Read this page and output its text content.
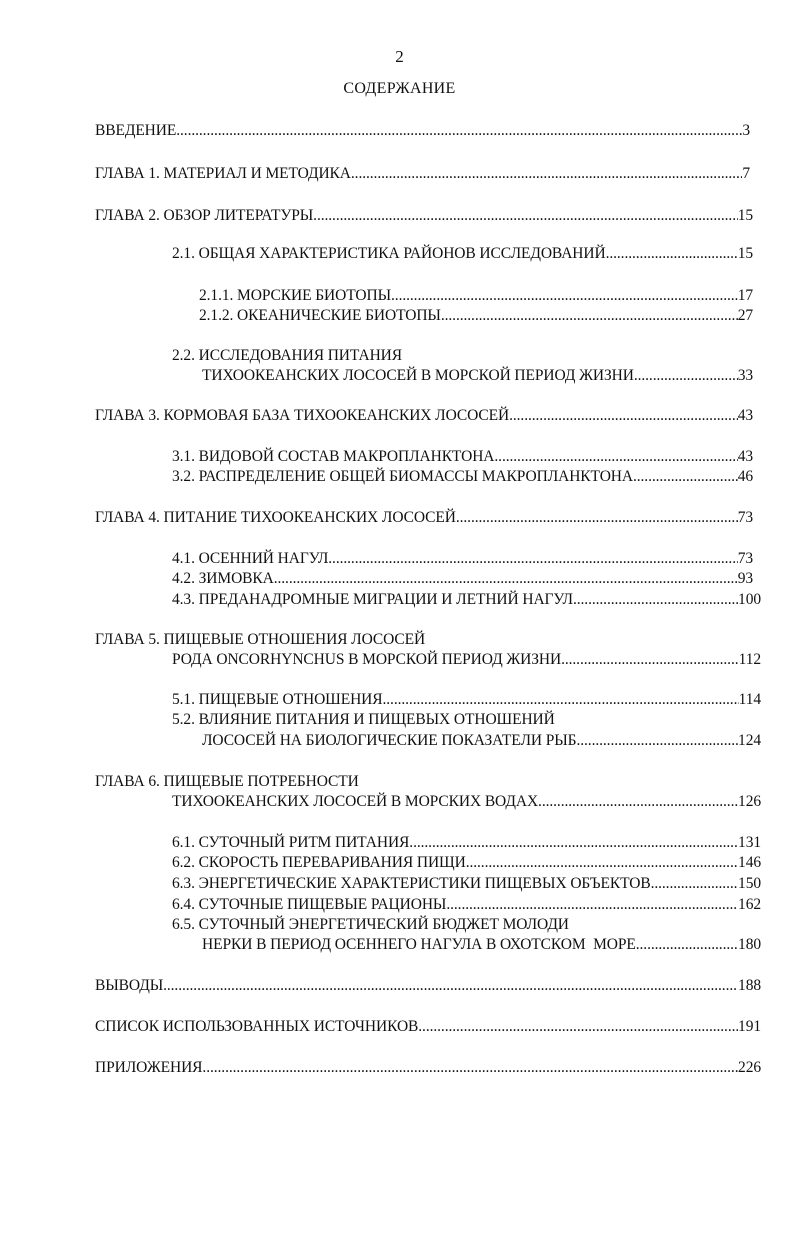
2
СОДЕРЖАНИЕ
ВВЕДЕНИЕ .....	3
ГЛАВА 1. МАТЕРИАЛ И МЕТОДИКА .....	7
ГЛАВА 2. ОБЗОР ЛИТЕРАТУРЫ .....	15
2.1. ОБЩАЯ ХАРАКТЕРИСТИКА РАЙОНОВ ИССЛЕДОВАНИЙ .....	15
2.1.1. МОРСКИЕ БИОТОПЫ .....	17
2.1.2. ОКЕАНИЧЕСКИЕ БИОТОПЫ .....	27
2.2. ИССЛЕДОВАНИЯ ПИТАНИЯ
ТИХООКЕАНСКИХ ЛОСОСЕЙ В МОРСКОЙ ПЕРИОД ЖИЗНИ .....	33
ГЛАВА 3. КОРМОВАЯ БАЗА ТИХООКЕАНСКИХ ЛОСОСЕЙ .....	43
3.1. ВИДОВОЙ СОСТАВ МАКРОПЛАНКТОНА .....	43
3.2. РАСПРЕДЕЛЕНИЕ ОБЩЕЙ БИОМАССЫ МАКРОПЛАНКТОНА .....	46
ГЛАВА 4. ПИТАНИЕ ТИХООКЕАНСКИХ ЛОСОСЕЙ .....	73
4.1. ОСЕННИЙ НАГУЛ .....	73
4.2. ЗИМОВКА .....	93
4.3. ПРЕДАНАДРОМНЫЕ МИГРАЦИИ И ЛЕТНИЙ НАГУЛ .....	100
ГЛАВА 5. ПИЩЕВЫЕ ОТНОШЕНИЯ ЛОСОСЕЙ
РОДА ONCORHYNCHUS В МОРСКОЙ ПЕРИОД ЖИЗНИ .....	112
5.1. ПИЩЕВЫЕ ОТНОШЕНИЯ .....	114
5.2. ВЛИЯНИЕ ПИТАНИЯ И ПИЩЕВЫХ ОТНОШЕНИЙ
ЛОСОСЕЙ НА БИОЛОГИЧЕСКИЕ ПОКАЗАТЕЛИ РЫБ .....	124
ГЛАВА 6. ПИЩЕВЫЕ ПОТРЕБНОСТИ
ТИХООКЕАНСКИХ ЛОСОСЕЙ В МОРСКИХ ВОДАХ .....	126
6.1. СУТОЧНЫЙ РИТМ ПИТАНИЯ .....	131
6.2. СКОРОСТЬ ПЕРЕВАРИВАНИЯ ПИЩИ .....	146
6.3. ЭНЕРГЕТИЧЕСКИЕ ХАРАКТЕРИСТИКИ ПИЩЕВЫХ ОБЪЕКТОВ .....	150
6.4. СУТОЧНЫЕ ПИЩЕВЫЕ РАЦИОНЫ .....	162
6.5. СУТОЧНЫЙ ЭНЕРГЕТИЧЕСКИЙ БЮДЖЕТ МОЛОДИ
НЕРКИ В ПЕРИОД ОСЕННЕГО НАГУЛА В ОХОТСКОМ  МОРЕ .....	180
ВЫВОДЫ .....	188
СПИСОК ИСПОЛЬЗОВАННЫХ ИСТОЧНИКОВ .....	191
ПРИЛОЖЕНИЯ .....	226
